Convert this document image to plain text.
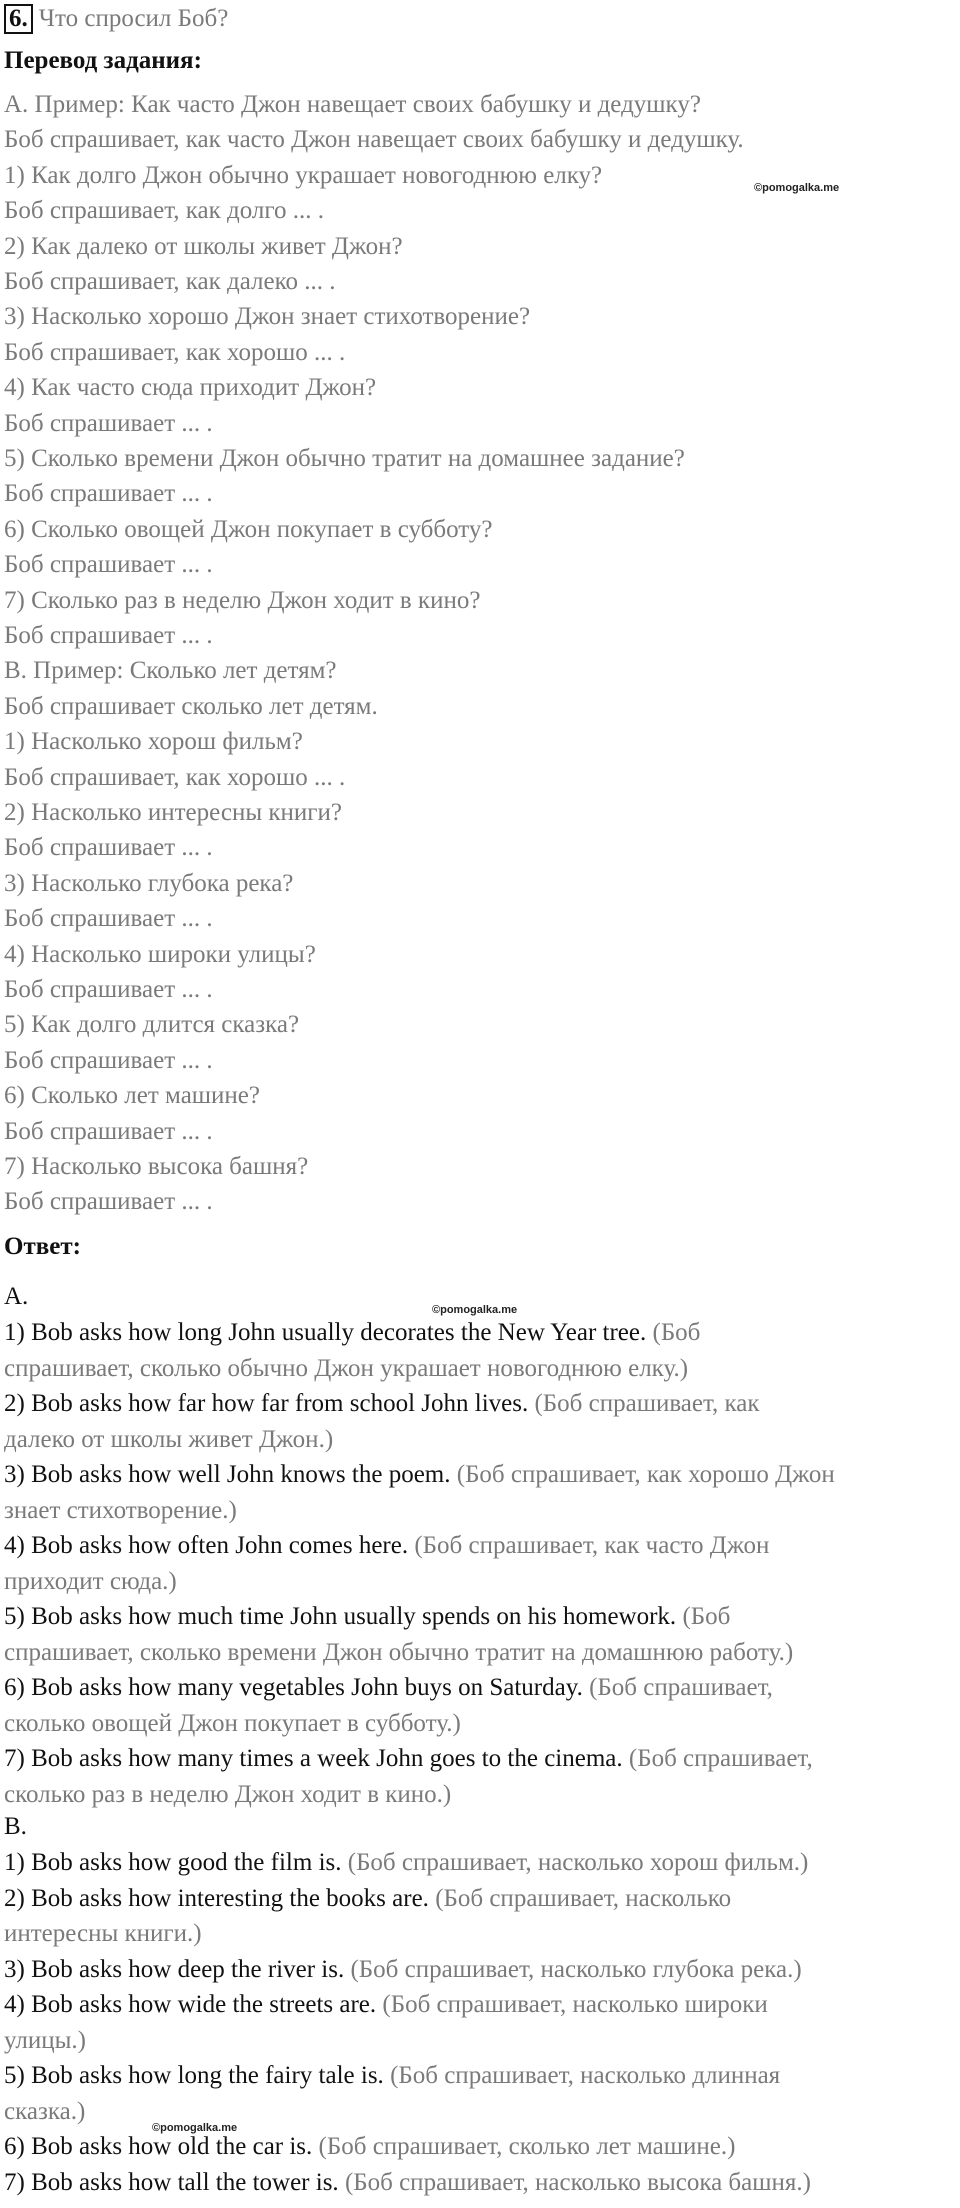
6. Что спросил Боб?
Перевод задания:
A. Пример: Как часто Джон навещает своих бабушку и дедушку?
Боб спрашивает, как часто Джон навещает своих бабушку и дедушку.
1) Как долго Джон обычно украшает новогоднюю елку?
Боб спрашивает, как долго ... .
2) Как далеко от школы живет Джон?
Боб спрашивает, как далеко ... .
3) Насколько хорошо Джон знает стихотворение?
Боб спрашивает, как хорошо ... .
4) Как часто сюда приходит Джон?
Боб спрашивает ... .
5) Сколько времени Джон обычно тратит на домашнее задание?
Боб спрашивает ... .
6) Сколько овощей Джон покупает в субботу?
Боб спрашивает ... .
7) Сколько раз в неделю Джон ходит в кино?
Боб спрашивает ... .
B. Пример: Сколько лет детям?
Боб спрашивает сколько лет детям.
1) Насколько хорош фильм?
Боб спрашивает, как хорошо ... .
2) Насколько интересны книги?
Боб спрашивает ... .
3) Насколько глубока река?
Боб спрашивает ... .
4) Насколько широки улицы?
Боб спрашивает ... .
5) Как долго длится сказка?
Боб спрашивает ... .
6) Сколько лет машине?
Боб спрашивает ... .
7) Насколько высока башня?
Боб спрашивает ... .
Ответ:
A.
1) Bob asks how long John usually decorates the New Year tree. (Боб
спрашивает, сколько обычно Джон украшает новогоднюю елку.)
2) Bob asks how far how far from school John lives. (Боб спрашивает, как
далеко от школы живет Джон.)
3) Bob asks how well John knows the poem. (Боб спрашивает, как хорошо Джон
знает стихотворение.)
4) Bob asks how often John comes here. (Боб спрашивает, как часто Джон
приходит сюда.)
5) Bob asks how much time John usually spends on his homework. (Боб
спрашивает, сколько времени Джон обычно тратит на домашнюю работу.)
6) Bob asks how many vegetables John buys on Saturday. (Боб спрашивает,
сколько овощей Джон покупает в субботу.)
7) Bob asks how many times a week John goes to the cinema. (Боб спрашивает,
сколько раз в неделю Джон ходит в кино.)
B.
1) Bob asks how good the film is. (Боб спрашивает, насколько хорош фильм.)
2) Bob asks how interesting the books are. (Боб спрашивает, насколько
интересны книги.)
3) Bob asks how deep the river is. (Боб спрашивает, насколько глубока река.)
4) Bob asks how wide the streets are. (Боб спрашивает, насколько широки
улицы.)
5) Bob asks how long the fairy tale is. (Боб спрашивает, насколько длинная
сказка.)
6) Bob asks how old the car is. (Боб спрашивает, сколько лет машине.)
7) Bob asks how tall the tower is. (Боб спрашивает, насколько высока башня.)
©pomogalka.me
©pomogalka.me
©pomogalka.me
